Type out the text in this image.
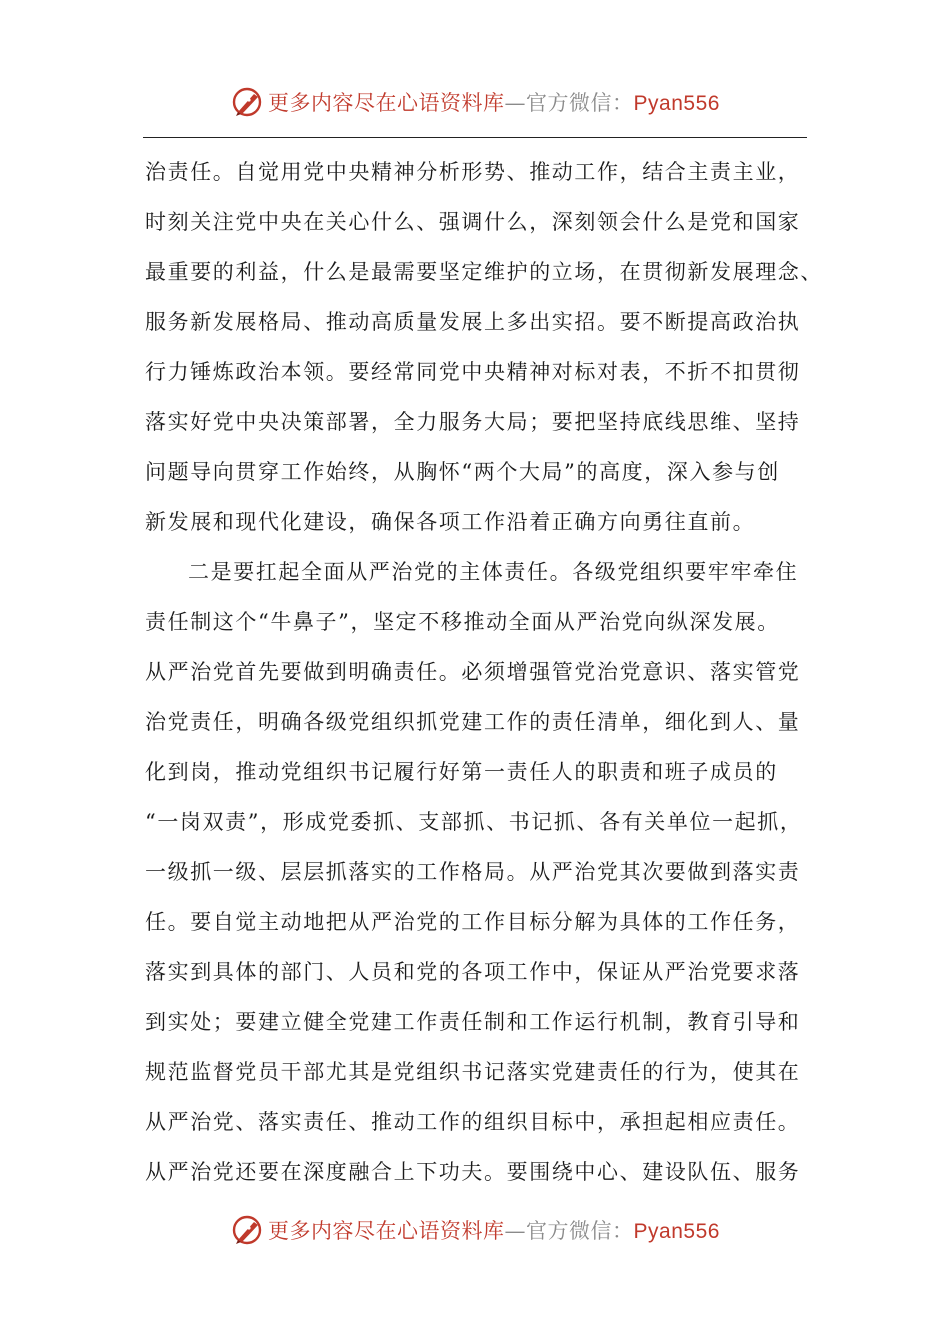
更多内容尽在心语资料库—官方微信：Pyan556
治责任。自觉用党中央精神分析形势、推动工作，结合主责主业，
时刻关注党中央在关心什么、强调什么，深刻领会什么是党和国家
最重要的利益，什么是最需要坚定维护的立场，在贯彻新发展理念、
服务新发展格局、推动高质量发展上多出实招。要不断提高政治执
行力锤炼政治本领。要经常同党中央精神对标对表，不折不扣贯彻
落实好党中央决策部署，全力服务大局；要把坚持底线思维、坚持
问题导向贯穿工作始终，从胸怀“两个大局”的高度，深入参与创
新发展和现代化建设，确保各项工作沿着正确方向勇往直前。
二是要扛起全面从严治党的主体责任。各级党组织要牢牢牵住
责任制这个“牛鼻子”，坚定不移推动全面从严治党向纵深发展。
从严治党首先要做到明确责任。必须增强管党治党意识、落实管党
治党责任，明确各级党组织抓党建工作的责任清单，细化到人、量
化到岗，推动党组织书记履行好第一责任人的职责和班子成员的
“一岗双责”，形成党委抓、支部抓、书记抓、各有关单位一起抓，
一级抓一级、层层抓落实的工作格局。从严治党其次要做到落实责
任。要自觉主动地把从严治党的工作目标分解为具体的工作任务，
落实到具体的部门、人员和党的各项工作中，保证从严治党要求落
到实处；要建立健全党建工作责任制和工作运行机制，教育引导和
规范监督党员干部尤其是党组织书记落实党建责任的行为，使其在
从严治党、落实责任、推动工作的组织目标中，承担起相应责任。
从严治党还要在深度融合上下功夫。要围绕中心、建设队伍、服务
更多内容尽在心语资料库—官方微信：Pyan556
